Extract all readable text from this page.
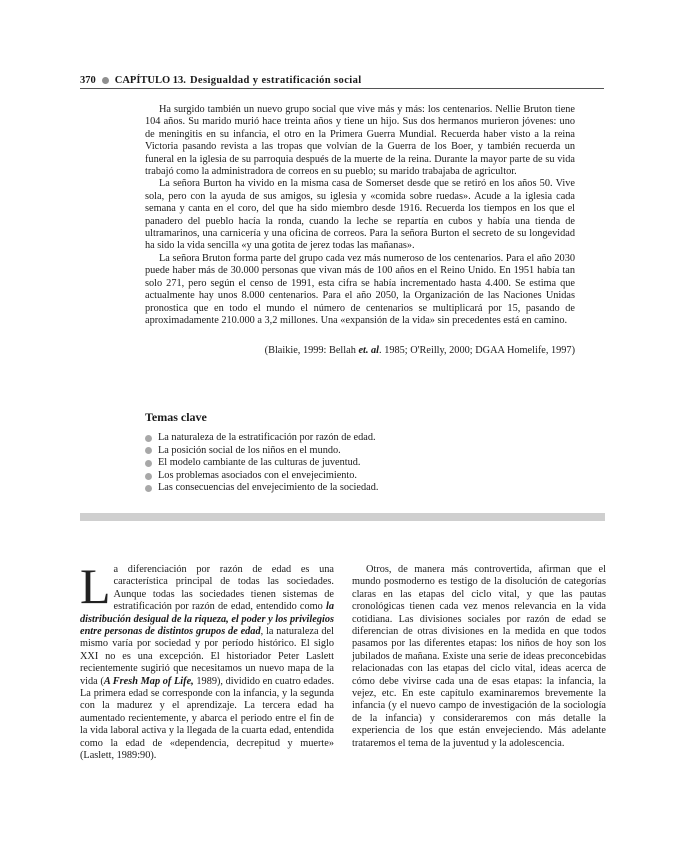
370 CAPÍTULO 13. Desigualdad y estratificación social

Ha surgido también un nuevo grupo social que vive más y más: los centenarios. Nellie Bruton tiene 104 años. Su marido murió hace treinta años y tiene un hijo. Sus dos hermanos murieron jóvenes: uno de meningitis en su infancia, el otro en la Primera Guerra Mundial. Recuerda haber visto a la reina Victoria pasando revista a las tropas que volvían de la Guerra de los Boer, y también recuerda un funeral en la iglesia de su parroquia después de la muerte de la reina. Durante la mayor parte de su vida trabajó como la administradora de correos en su pueblo; su marido trabajaba de agricultor.

La señora Burton ha vivido en la misma casa de Somerset desde que se retiró en los años 50. Vive sola, pero con la ayuda de sus amigos, su iglesia y «comida sobre ruedas». Acude a la iglesia cada semana y canta en el coro, del que ha sido miembro desde 1916. Recuerda los tiempos en los que el panadero del pueblo hacía la ronda, cuando la leche se repartía en cubos y había una tienda de ultramarinos, una carnicería y una oficina de correos. Para la señora Burton el secreto de su longevidad ha sido la vida sencilla «y una gotita de jerez todas las mañanas».

La señora Bruton forma parte del grupo cada vez más numeroso de los centenarios. Para el año 2030 puede haber más de 30.000 personas que vivan más de 100 años en el Reino Unido. En 1951 había tan solo 271, pero según el censo de 1991, esta cifra se había incrementado hasta 4.400. Se estima que actualmente hay unos 8.000 centenarios. Para el año 2050, la Organización de las Naciones Unidas pronostica que en todo el mundo el número de centenarios se multiplicará por 15, pasando de aproximadamente 210.000 a 3,2 millones. Una «expansión de la vida» sin precedentes está en camino.

(Blaikie, 1999: Bellah et. al. 1985; O'Reilly, 2000; DGAA Homelife, 1997)
Temas clave
La naturaleza de la estratificación por razón de edad.
La posición social de los niños en el mundo.
El modelo cambiante de las culturas de juventud.
Los problemas asociados con el envejecimiento.
Las consecuencias del envejecimiento de la sociedad.

La diferenciación por razón de edad es una característica principal de todas las sociedades. Aunque todas las sociedades tienen sistemas de estratificación por razón de edad, entendido como la distribución desigual de la riqueza, el poder y los privilegios entre personas de distintos grupos de edad, la naturaleza del mismo varía por sociedad y por período histórico. El siglo XXI no es una excepción. El historiador Peter Laslett recientemente sugirió que necesitamos un nuevo mapa de la vida (A Fresh Map of Life, 1989), dividido en cuatro edades. La primera edad se corresponde con la infancia, y la segunda con la madurez y el aprendizaje. La tercera edad ha aumentado recientemente, y abarca el periodo entre el fin de la vida laboral activa y la llegada de la cuarta edad, entendida como la edad de «dependencia, decrepitud y muerte» (Laslett, 1989:90).

Otros, de manera más controvertida, afirman que el mundo posmoderno es testigo de la disolución de categorías claras en las etapas del ciclo vital, y que las pautas cronológicas tienen cada vez menos relevancia en la vida cotidiana. Las divisiones sociales por razón de edad se diferencian de otras divisiones en la medida en que todos pasamos por las diferentes etapas: los niños de hoy son los jubilados de mañana. Existe una serie de ideas preconcebidas relacionadas con las etapas del ciclo vital, ideas acerca de cómo debe vivirse cada una de esas etapas: la infancia, la vejez, etc. En este capítulo examinaremos brevemente la infancia (y el nuevo campo de investigación de la sociología de la infancia) y consideraremos con más detalle la experiencia de los que están envejeciendo. Más adelante trataremos el tema de la juventud y la adolescencia.
